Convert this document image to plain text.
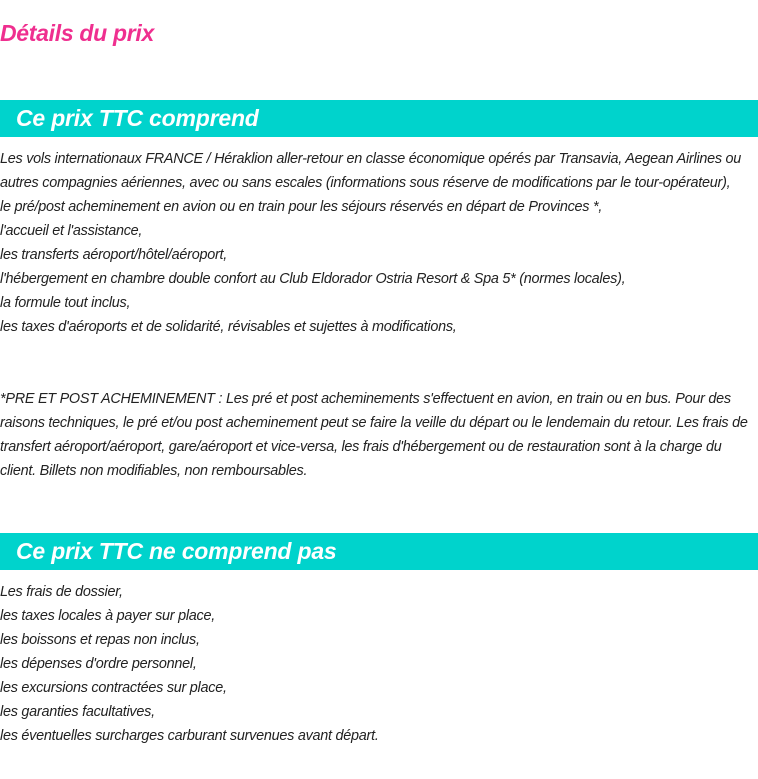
Détails du prix
Ce prix TTC comprend
Les vols internationaux FRANCE / Héraklion aller-retour en classe économique opérés par Transavia, Aegean Airlines ou autres compagnies aériennes, avec ou sans escales (informations sous réserve de modifications par le tour-opérateur),
le pré/post acheminement en avion ou en train pour les séjours réservés en départ de Provinces *,
l'accueil et l'assistance,
les transferts aéroport/hôtel/aéroport,
l'hébergement en chambre double confort au Club Eldorador Ostria Resort & Spa 5* (normes locales),
la formule tout inclus,
les taxes d'aéroports et de solidarité, révisables et sujettes à modifications,

*PRE ET POST ACHEMINEMENT : Les pré et post acheminements s'effectuent en avion, en train ou en bus. Pour des raisons techniques, le pré et/ou post acheminement peut se faire la veille du départ ou le lendemain du retour. Les frais de transfert aéroport/aéroport, gare/aéroport et vice-versa, les frais d'hébergement ou de restauration sont à la charge du client. Billets non modifiables, non remboursables.

Ce prix TTC ne comprend pas
Les frais de dossier,
les taxes locales à payer sur place,
les boissons et repas non inclus,
les dépenses d'ordre personnel,
les excursions contractées sur place,
les garanties facultatives,
les éventuelles surcharges carburant survenues avant départ.
